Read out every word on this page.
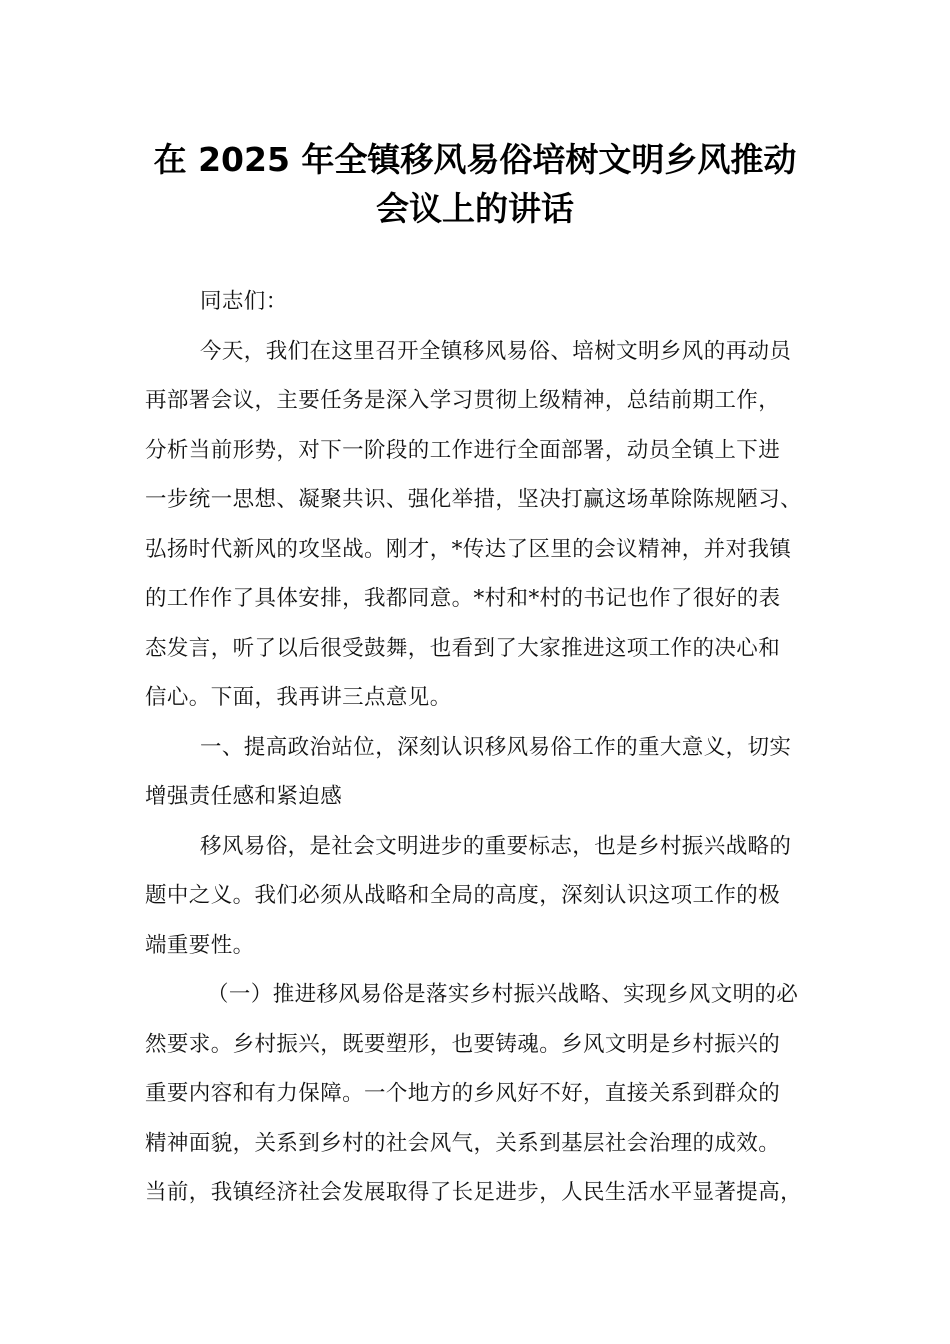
在 2025 年全镇移风易俗培树文明乡风推动
会议上的讲话
同志们：
今天，我们在这里召开全镇移风易俗、培树文明乡风的再动员
再部署会议，主要任务是深入学习贯彻上级精神，总结前期工作，
分析当前形势，对下一阶段的工作进行全面部署，动员全镇上下进
一步统一思想、凝聚共识、强化举措，坚决打赢这场革除陈规陋习、
弘扬时代新风的攻坚战。刚才，*传达了区里的会议精神，并对我镇
的工作作了具体安排，我都同意。*村和*村的书记也作了很好的表
态发言，听了以后很受鼓舞，也看到了大家推进这项工作的决心和
信心。下面，我再讲三点意见。
一、提高政治站位，深刻认识移风易俗工作的重大意义，切实
增强责任感和紧迫感
移风易俗，是社会文明进步的重要标志，也是乡村振兴战略的
题中之义。我们必须从战略和全局的高度，深刻认识这项工作的极
端重要性。
（一）推进移风易俗是落实乡村振兴战略、实现乡风文明的必
然要求。乡村振兴，既要塑形，也要铸魂。乡风文明是乡村振兴的
重要内容和有力保障。一个地方的乡风好不好，直接关系到群众的
精神面貌，关系到乡村的社会风气，关系到基层社会治理的成效。
当前，我镇经济社会发展取得了长足进步，人民生活水平显著提高，
